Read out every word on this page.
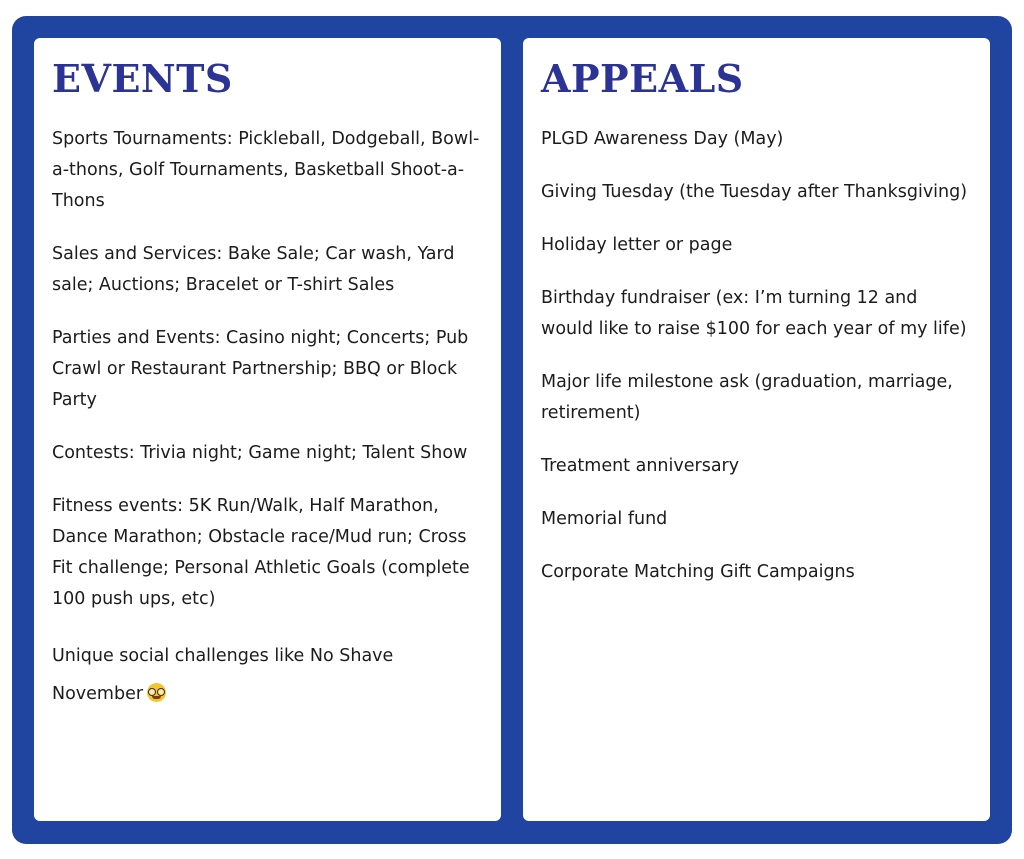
EVENTS
Sports Tournaments: Pickleball, Dodgeball, Bowl-a-thons, Golf Tournaments, Basketball Shoot-a-Thons
Sales and Services: Bake Sale; Car wash, Yard sale; Auctions; Bracelet or T-shirt Sales
Parties and Events: Casino night; Concerts; Pub Crawl or Restaurant Partnership; BBQ or Block Party
Contests: Trivia night; Game night; Talent Show
Fitness events: 5K Run/Walk, Half Marathon, Dance Marathon; Obstacle race/Mud run; Cross Fit challenge; Personal Athletic Goals (complete 100 push ups, etc)
Unique social challenges like No Shave November
APPEALS
PLGD Awareness Day (May)
Giving Tuesday (the Tuesday after Thanksgiving)
Holiday letter or page
Birthday fundraiser (ex: I’m turning 12 and would like to raise $100 for each year of my life)
Major life milestone ask (graduation, marriage, retirement)
Treatment anniversary
Memorial fund
Corporate Matching Gift Campaigns
